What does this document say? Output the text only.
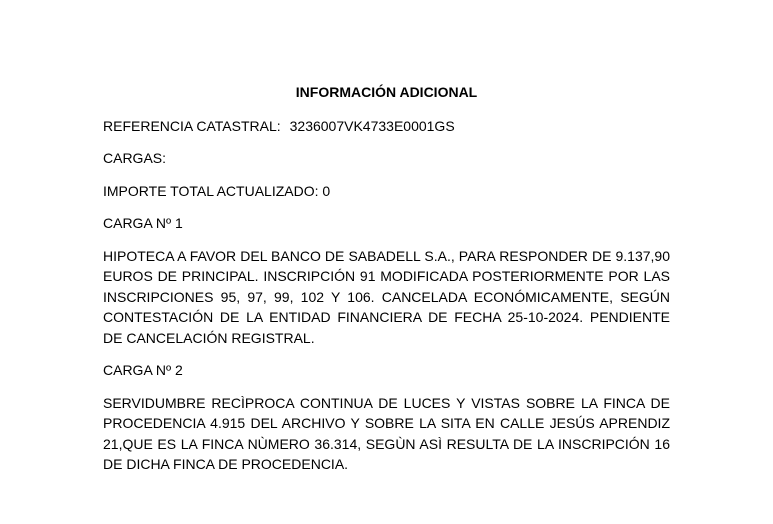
INFORMACIÓN ADICIONAL

REFERENCIA CATASTRAL: 3236007VK4733E0001GS

CARGAS:

IMPORTE TOTAL ACTUALIZADO: 0

CARGA Nº 1

HIPOTECA A FAVOR DEL BANCO DE SABADELL S.A., PARA RESPONDER DE 9.137,90 EUROS DE PRINCIPAL. INSCRIPCIÓN 91 MODIFICADA POSTERIORMENTE POR LAS INSCRIPCIONES 95, 97, 99, 102 Y 106. CANCELADA ECONÓMICAMENTE, SEGÚN CONTESTACIÓN DE LA ENTIDAD FINANCIERA DE FECHA 25-10-2024. PENDIENTE DE CANCELACIÓN REGISTRAL.

CARGA Nº 2

SERVIDUMBRE RECÌPROCA CONTINUA DE LUCES Y VISTAS SOBRE LA FINCA DE PROCEDENCIA 4.915 DEL ARCHIVO Y SOBRE LA SITA EN CALLE JESÚS APRENDIZ 21,QUE ES LA FINCA NÙMERO 36.314, SEGÙN ASÌ RESULTA DE LA INSCRIPCIÓN 16 DE DICHA FINCA DE PROCEDENCIA.
